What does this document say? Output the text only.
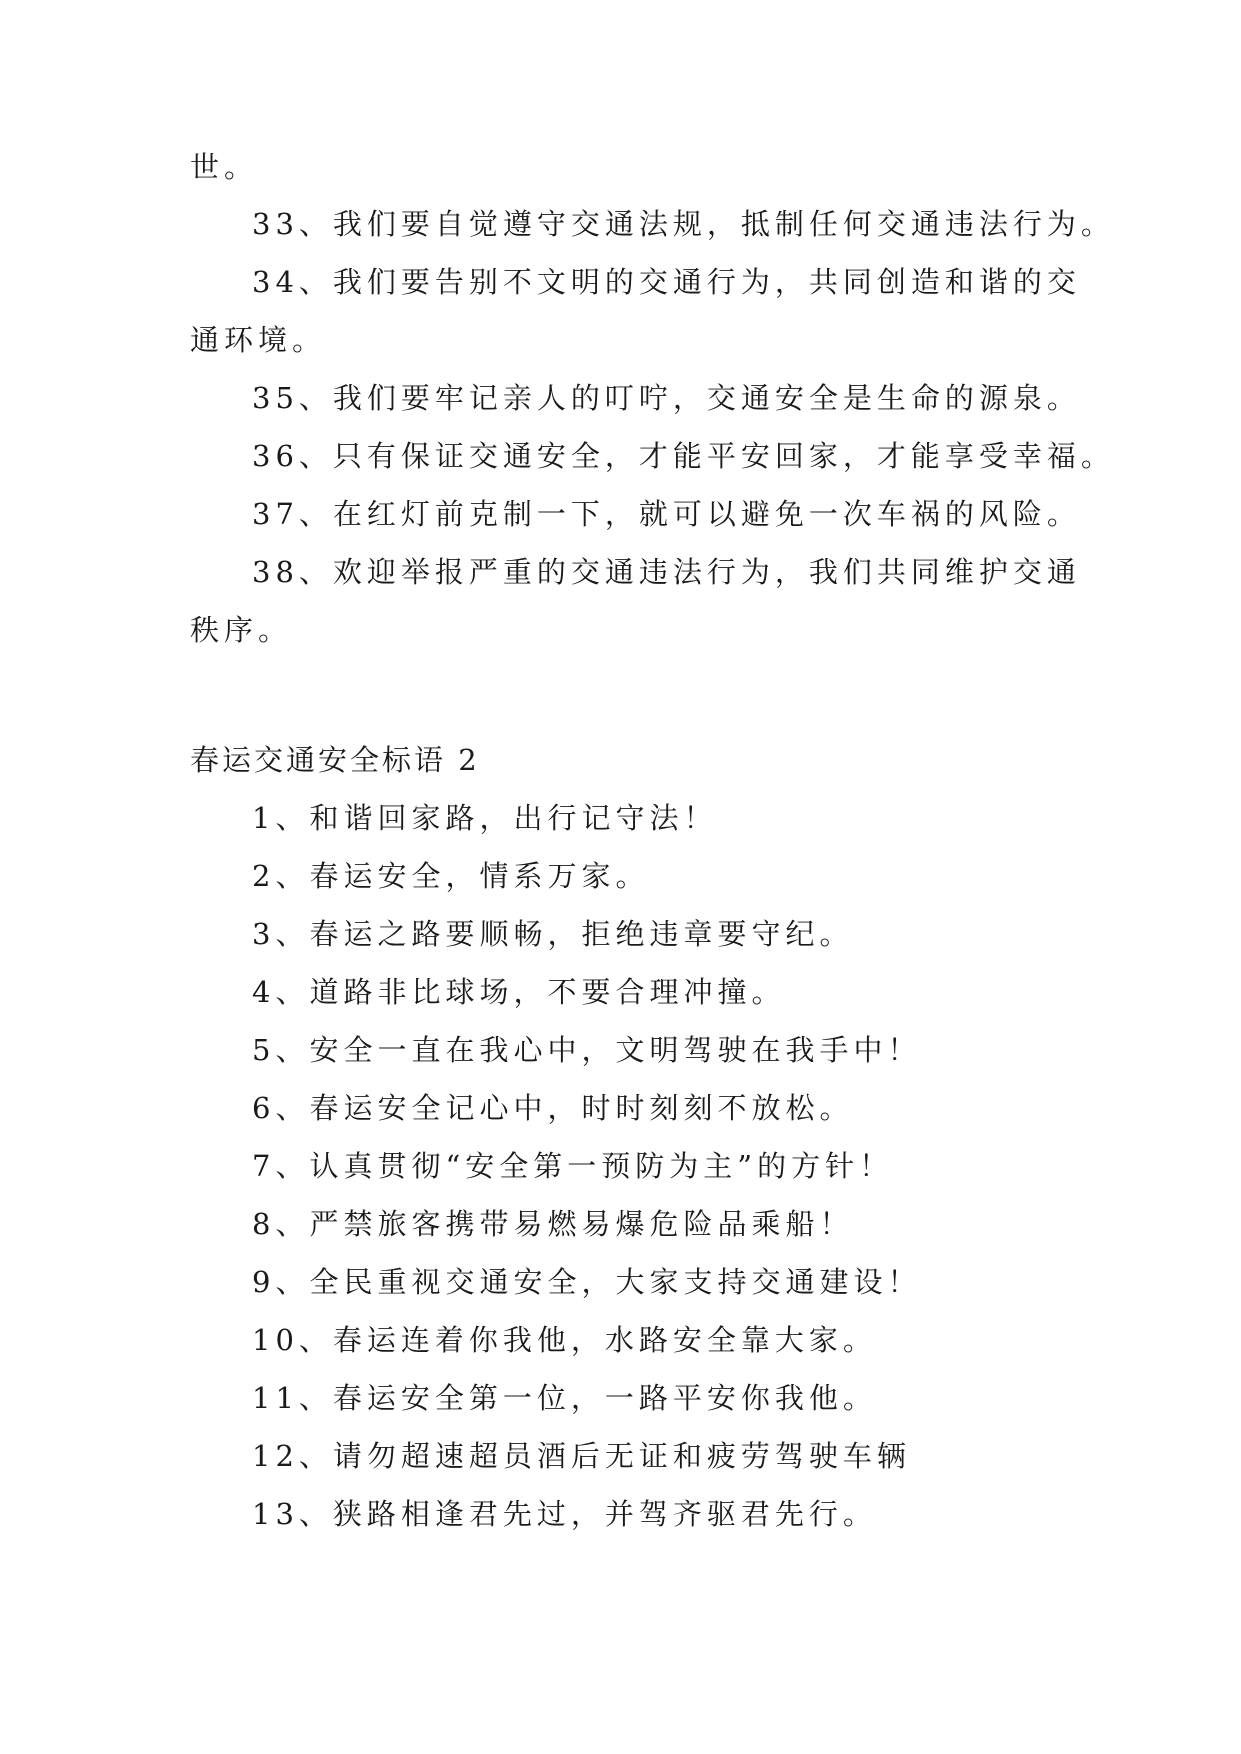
世。
33、我们要自觉遵守交通法规，抵制任何交通违法行为。
34、我们要告别不文明的交通行为，共同创造和谐的交
通环境。
35、我们要牢记亲人的叮咛，交通安全是生命的源泉。
36、只有保证交通安全，才能平安回家，才能享受幸福。
37、在红灯前克制一下，就可以避免一次车祸的风险。
38、欢迎举报严重的交通违法行为，我们共同维护交通
秩序。
春运交通安全标语 2
1、和谐回家路，出行记守法！
2、春运安全，情系万家。
3、春运之路要顺畅，拒绝违章要守纪。
4、道路非比球场，不要合理冲撞。
5、安全一直在我心中，文明驾驶在我手中！
6、春运安全记心中，时时刻刻不放松。
7、认真贯彻“安全第一预防为主”的方针！
8、严禁旅客携带易燃易爆危险品乘船！
9、全民重视交通安全，大家支持交通建设！
10、春运连着你我他，水路安全靠大家。
11、春运安全第一位，一路平安你我他。
12、请勿超速超员酒后无证和疲劳驾驶车辆
13、狭路相逢君先过，并驾齐驱君先行。
